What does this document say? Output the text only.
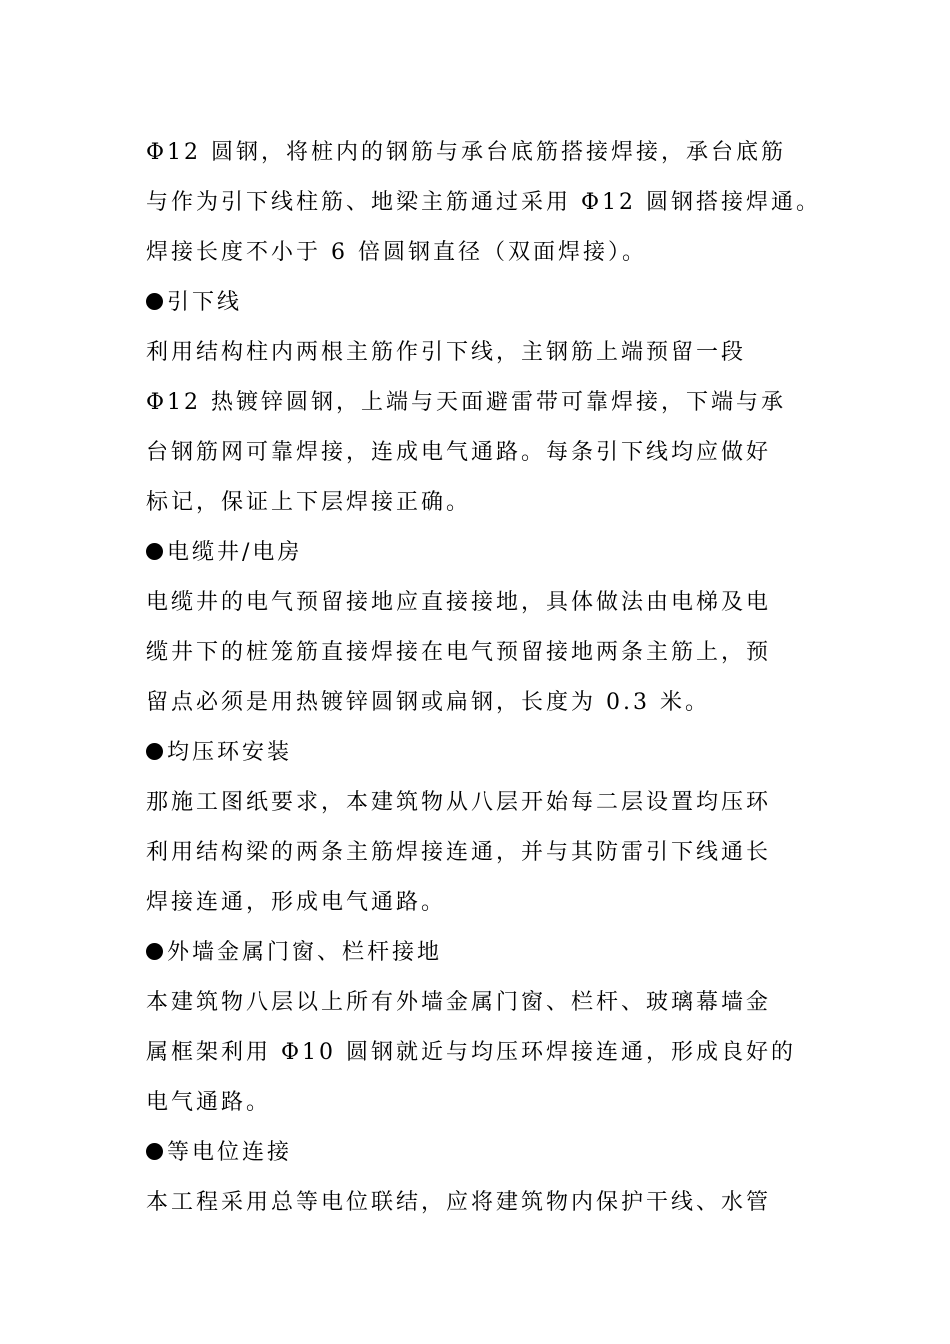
Φ12 圆钢，将桩内的钢筋与承台底筋搭接焊接，承台底筋
与作为引下线柱筋、地梁主筋通过采用 Φ12 圆钢搭接焊通。
焊接长度不小于 6 倍圆钢直径（双面焊接）。
引下线
利用结构柱内两根主筋作引下线，主钢筋上端预留一段
Φ12 热镀锌圆钢，上端与天面避雷带可靠焊接，下端与承
台钢筋网可靠焊接，连成电气通路。每条引下线均应做好
标记，保证上下层焊接正确。
电缆井/电房
电缆井的电气预留接地应直接接地，具体做法由电梯及电
缆井下的桩笼筋直接焊接在电气预留接地两条主筋上，预
留点必须是用热镀锌圆钢或扁钢，长度为 0.3 米。
均压环安装
那施工图纸要求，本建筑物从八层开始每二层设置均压环
利用结构梁的两条主筋焊接连通，并与其防雷引下线通长
焊接连通，形成电气通路。
外墙金属门窗、栏杆接地
本建筑物八层以上所有外墙金属门窗、栏杆、玻璃幕墙金
属框架利用 Φ10 圆钢就近与均压环焊接连通，形成良好的
电气通路。
等电位连接
本工程采用总等电位联结，应将建筑物内保护干线、水管
